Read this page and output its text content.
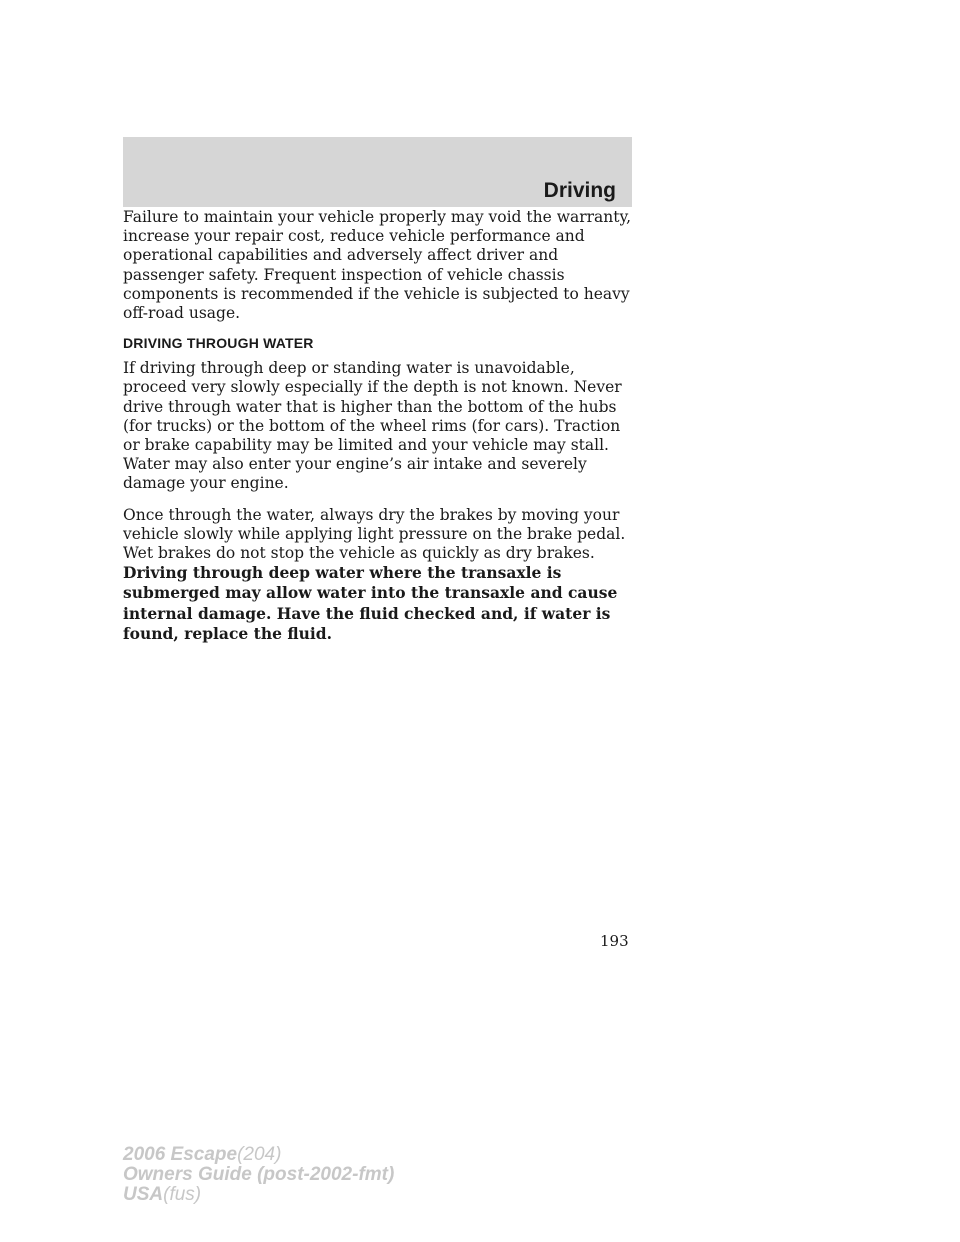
Driving

Failure to maintain your vehicle properly may void the warranty, increase your repair cost, reduce vehicle performance and operational capabilities and adversely affect driver and passenger safety. Frequent inspection of vehicle chassis components is recommended if the vehicle is subjected to heavy off-road usage.

DRIVING THROUGH WATER

If driving through deep or standing water is unavoidable, proceed very slowly especially if the depth is not known. Never drive through water that is higher than the bottom of the hubs (for trucks) or the bottom of the wheel rims (for cars). Traction or brake capability may be limited and your vehicle may stall. Water may also enter your engine’s air intake and severely damage your engine.

Once through the water, always dry the brakes by moving your vehicle slowly while applying light pressure on the brake pedal. Wet brakes do not stop the vehicle as quickly as dry brakes. Driving through deep water where the transaxle is submerged may allow water into the transaxle and cause internal damage. Have the fluid checked and, if water is found, replace the fluid.

193
2006 Escape(204)
Owners Guide (post-2002-fmt)
USA(fus)
